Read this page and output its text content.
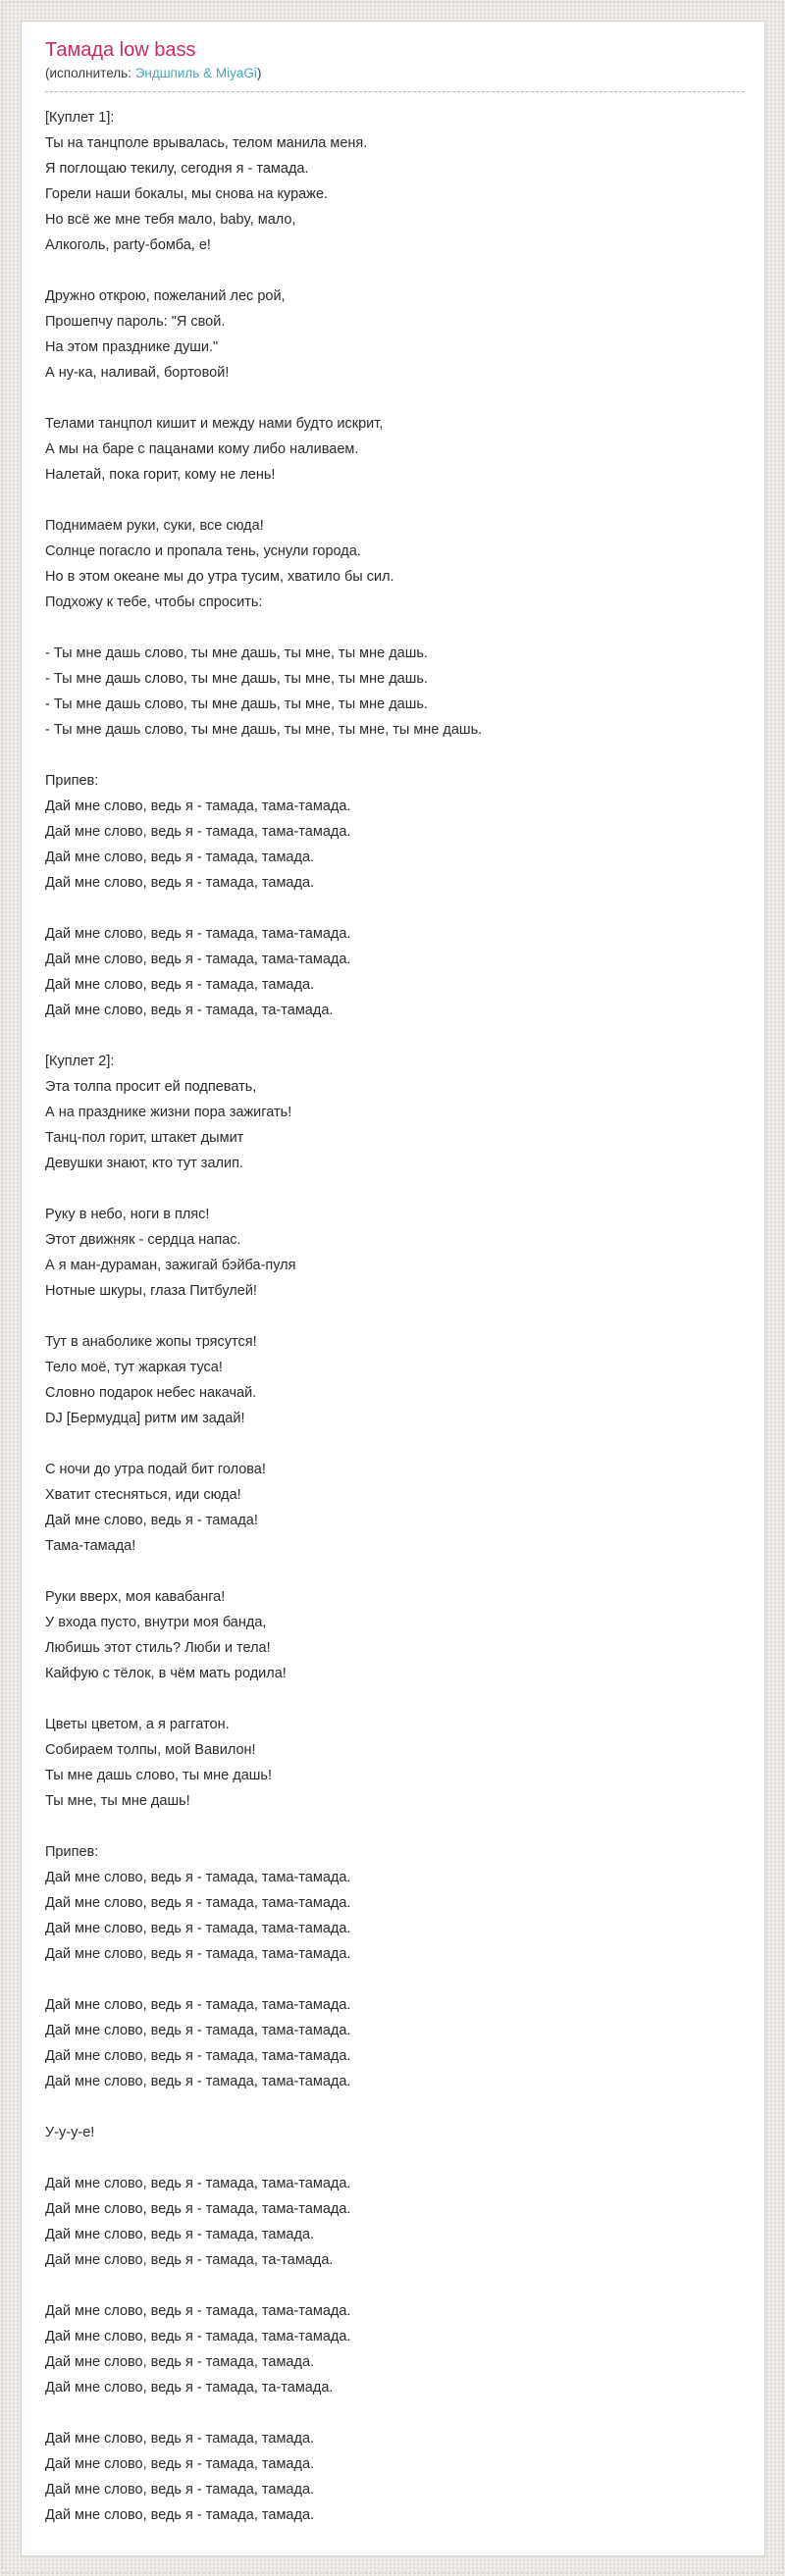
Тамада low bass
(исполнитель: Эндшпиль & MiyaGi)
[Куплет 1]:
Ты на танцполе врывалась, телом манила меня.
Я поглощаю текилу, сегодня я - тамада.
Горели наши бокалы, мы снова на кураже.
Но всё же мне тебя мало, baby, мало,
Алкоголь, party-бомба, е!
Дружно открою, пожеланий лес рой,
Прошепчу пароль: "Я свой.
На этом празднике души."
А ну-ка, наливай, бортовой!
Телами танцпол кишит и между нами будто искрит,
А мы на баре с пацанами кому либо наливаем.
Налетай, пока горит, кому не лень!
Поднимаем руки, суки, все сюда!
Солнце погасло и пропала тень, уснули города.
Но в этом океане мы до утра тусим, хватило бы сил.
Подхожу к тебе, чтобы спросить:
- Ты мне дашь слово, ты мне дашь, ты мне, ты мне дашь.
- Ты мне дашь слово, ты мне дашь, ты мне, ты мне дашь.
- Ты мне дашь слово, ты мне дашь, ты мне, ты мне дашь.
- Ты мне дашь слово, ты мне дашь, ты мне, ты мне, ты мне дашь.
Припев:
Дай мне слово, ведь я - тамада, тама-тамада.
Дай мне слово, ведь я - тамада, тама-тамада.
Дай мне слово, ведь я - тамада, тамада.
Дай мне слово, ведь я - тамада, тамада.
Дай мне слово, ведь я - тамада, тама-тамада.
Дай мне слово, ведь я - тамада, тама-тамада.
Дай мне слово, ведь я - тамада, тамада.
Дай мне слово, ведь я - тамада, та-тамада.
[Куплет 2]:
Эта толпа просит ей подпевать,
А на празднике жизни пора зажигать!
Танц-пол горит, штакет дымит
Девушки знают, кто тут залип.
Руку в небо, ноги в пляс!
Этот движняк - сердца напас.
А я ман-дураман, зажигай бэйба-пуля
Нотные шкуры, глаза Питбулей!
Тут в анаболике жопы трясутся!
Тело моё, тут жаркая туса!
Словно подарок небес накачай.
DJ [Бермудца] ритм им задай!
С ночи до утра подай бит голова!
Хватит стесняться, иди сюда!
Дай мне слово, ведь я - тамада!
Тама-тамада!
Руки вверх, моя кавабанга!
У входа пусто, внутри моя банда,
Любишь этот стиль? Люби и тела!
Кайфую с тёлок, в чём мать родила!
Цветы цветом, а я раггатон.
Собираем толпы, мой Вавилон!
Ты мне дашь слово, ты мне дашь!
Ты мне, ты мне дашь!
Припев:
Дай мне слово, ведь я - тамада, тама-тамада.
Дай мне слово, ведь я - тамада, тама-тамада.
Дай мне слово, ведь я - тамада, тама-тамада.
Дай мне слово, ведь я - тамада, тама-тамада.
Дай мне слово, ведь я - тамада, тама-тамада.
Дай мне слово, ведь я - тамада, тама-тамада.
Дай мне слово, ведь я - тамада, тама-тамада.
Дай мне слово, ведь я - тамада, тама-тамада.
У-у-у-е!
Дай мне слово, ведь я - тамада, тама-тамада.
Дай мне слово, ведь я - тамада, тама-тамада.
Дай мне слово, ведь я - тамада, тамада.
Дай мне слово, ведь я - тамада, та-тамада.
Дай мне слово, ведь я - тамада, тама-тамада.
Дай мне слово, ведь я - тамада, тама-тамада.
Дай мне слово, ведь я - тамада, тамада.
Дай мне слово, ведь я - тамада, та-тамада.
Дай мне слово, ведь я - тамада, тамада.
Дай мне слово, ведь я - тамада, тамада.
Дай мне слово, ведь я - тамада, тамада.
Дай мне слово, ведь я - тамада, тамада.
